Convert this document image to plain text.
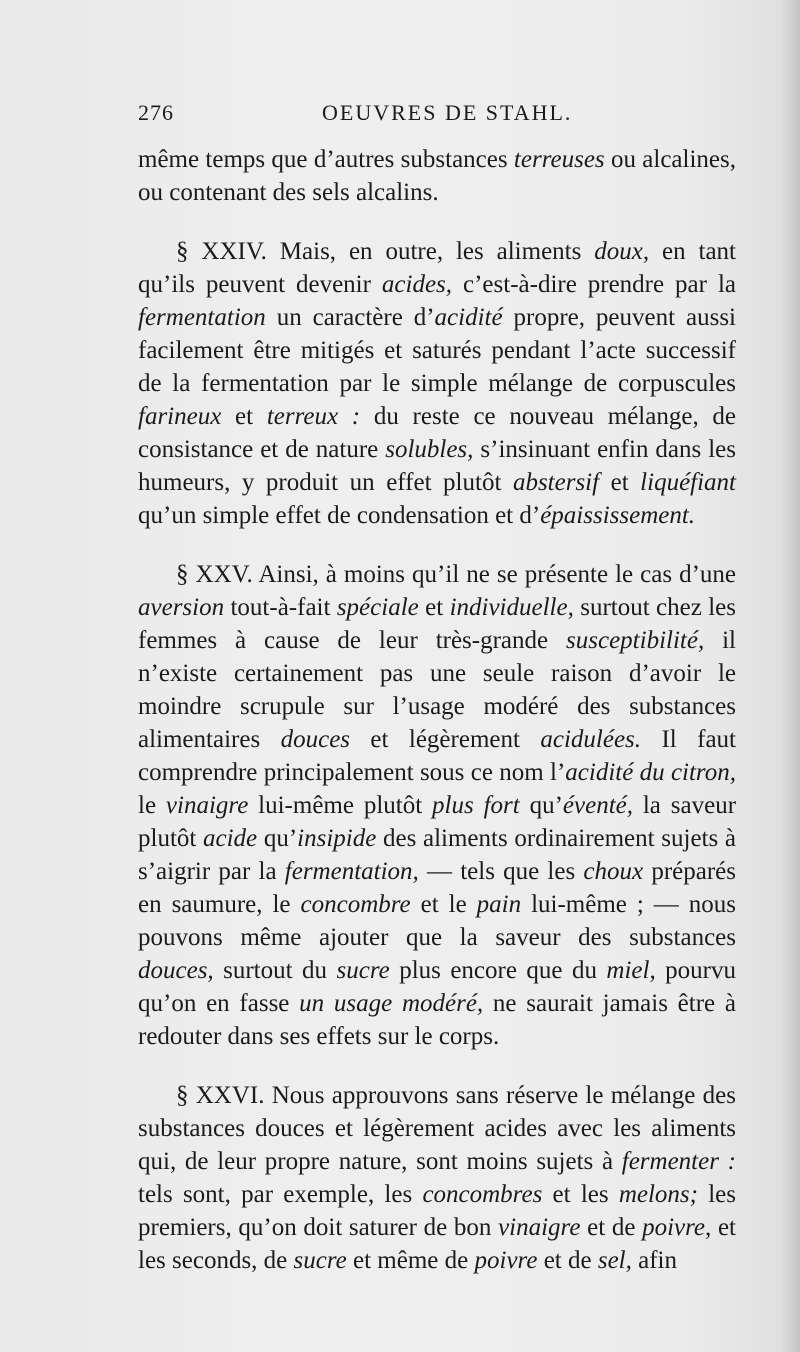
276	OEUVRES DE STAHL.

même temps que d’autres substances terreuses ou alcalines, ou contenant des sels alcalins.

§ XXIV. Mais, en outre, les aliments doux, en tant qu’ils peuvent devenir acides, c’est-à-dire prendre par la fermentation un caractère d’acidité propre, peuvent aussi facilement être mitigés et saturés pendant l’acte successif de la fermentation par le simple mélange de corpuscules farineux et terreux : du reste ce nouveau mélange, de consistance et de nature solubles, s’insinuant enfin dans les humeurs, y produit un effet plutôt abstersif et liquéfiant qu’un simple effet de condensation et d’épaississement.

§ XXV. Ainsi, à moins qu’il ne se présente le cas d’une aversion tout-à-fait spéciale et individuelle, surtout chez les femmes à cause de leur très-grande susceptibilité, il n’existe certainement pas une seule raison d’avoir le moindre scrupule sur l’usage modéré des substances alimentaires douces et légèrement acidulées. Il faut comprendre principalement sous ce nom l’acidité du citron, le vinaigre lui-même plutôt plus fort qu’éventé, la saveur plutôt acide qu’insipide des aliments ordinairement sujets à s’aigrir par la fermentation, — tels que les choux préparés en saumure, le concombre et le pain lui-même ; — nous pouvons même ajouter que la saveur des substances douces, surtout du sucre plus encore que du miel, pourvu qu’on en fasse un usage modéré, ne saurait jamais être à redouter dans ses effets sur le corps.

§ XXVI. Nous approuvons sans réserve le mélange des substances douces et légèrement acides avec les aliments qui, de leur propre nature, sont moins sujets à fermenter : tels sont, par exemple, les concombres et les melons; les premiers, qu’on doit saturer de bon vinaigre et de poivre, et les seconds, de sucre et même de poivre et de sel, afin
